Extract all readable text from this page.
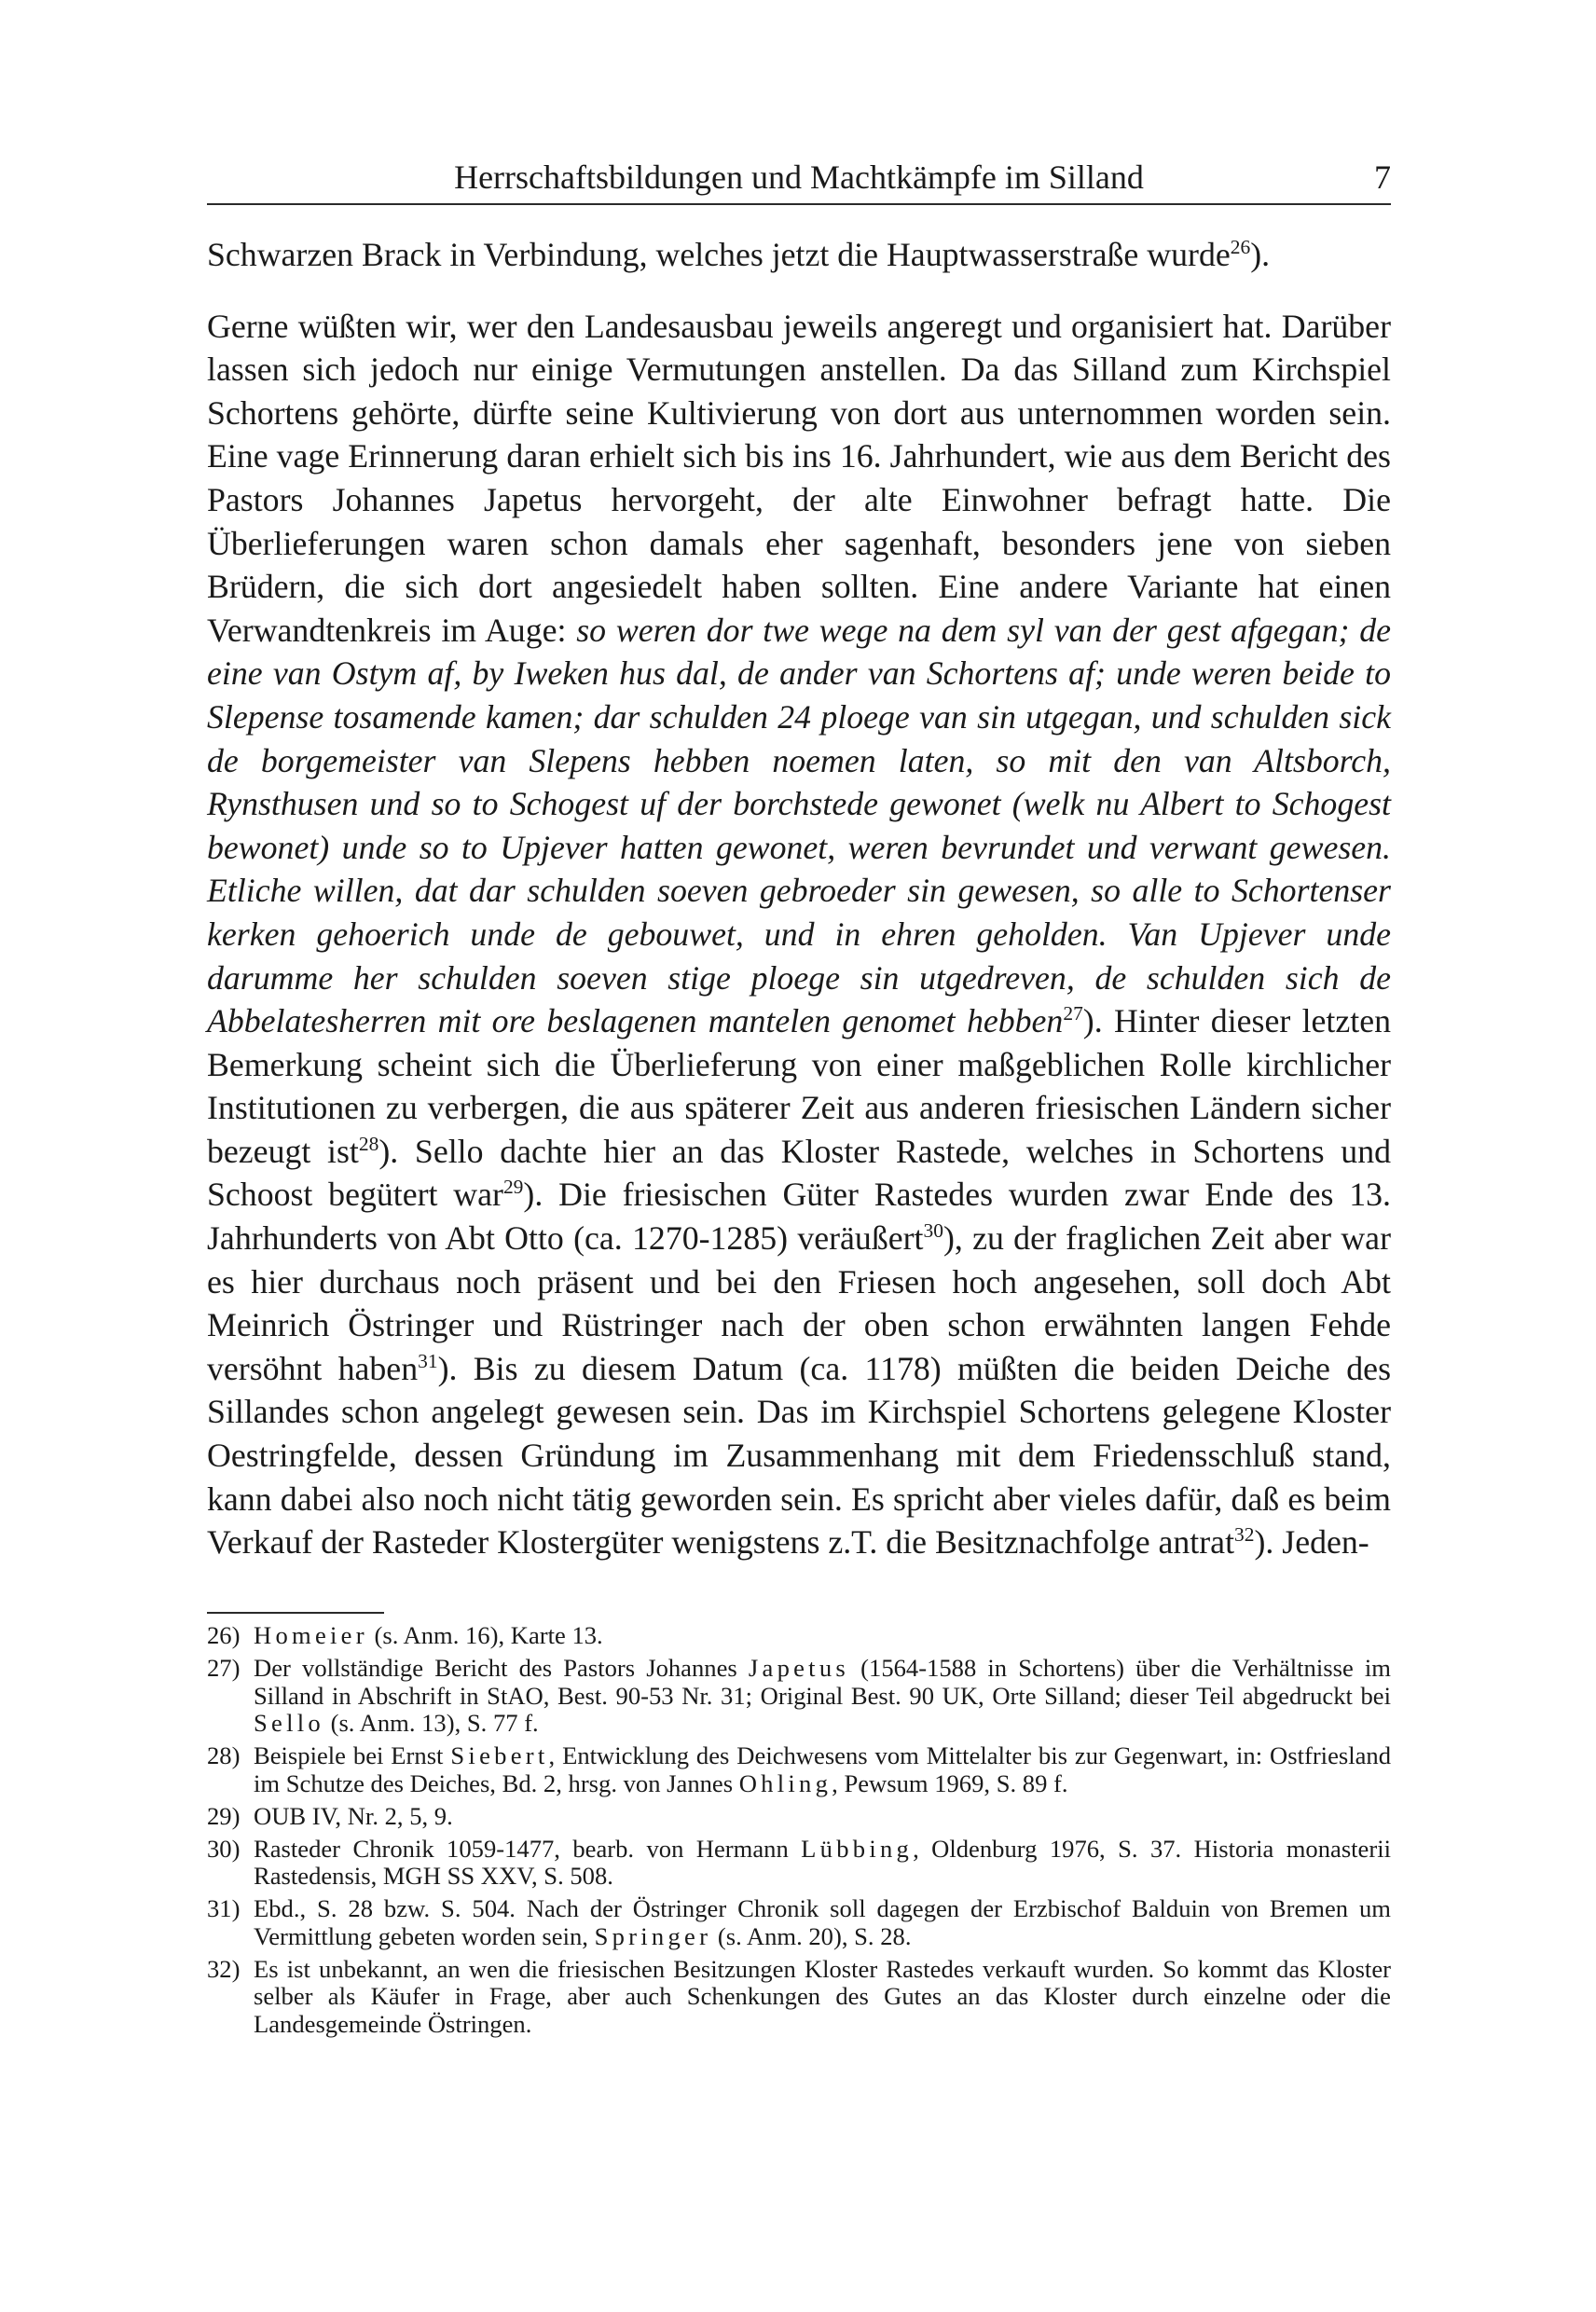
Herrschaftsbildungen und Machtkämpfe im Silland	7

Schwarzen Brack in Verbindung, welches jetzt die Hauptwasserstraße wurde$^{26}$).

Gerne wüßten wir, wer den Landesausbau jeweils angeregt und organisiert hat. Darüber lassen sich jedoch nur einige Vermutungen anstellen. Da das Silland zum Kirchspiel Schortens gehörte, dürfte seine Kultivierung von dort aus unternommen worden sein. Eine vage Erinnerung daran erhielt sich bis ins 16. Jahrhundert, wie aus dem Bericht des Pastors Johannes Japetus hervorgeht, der alte Einwohner befragt hatte. Die Überlieferungen waren schon damals eher sagenhaft, besonders jene von sieben Brüdern, die sich dort angesiedelt haben sollten. Eine andere Variante hat einen Verwandtenkreis im Auge: so weren dor twe wege na dem syl van der gest afgegan; de eine van Ostym af, by Iweken hus dal, de ander van Schortens af; unde weren beide to Slepense tosamende kamen; dar schulden 24 ploege van sin utgegan, und schulden sick de borgemeister van Slepens hebben noemen laten, so mit den van Altsborch, Rynsthusen und so to Schogest uf der borchstede gewonet (welk nu Albert to Schogest bewonet) unde so to Upjever hatten gewonet, weren bevrundet und verwant gewesen. Etliche willen, dat dar schulden soeven gebroeder sin gewesen, so alle to Schortenser kerken gehoerich unde de gebouwet, und in ehren geholden. Van Upjever unde darumme her schulden soeven stige ploege sin utgedreven, de schulden sich de Abbelatesherren mit ore beslagenen mantelen genomet hebben$^{27}$). Hinter dieser letzten Bemerkung scheint sich die Überlieferung von einer maßgeblichen Rolle kirchlicher Institutionen zu verbergen, die aus späterer Zeit aus anderen friesischen Ländern sicher bezeugt ist$^{28}$). Sello dachte hier an das Kloster Rastede, welches in Schortens und Schoost begütert war$^{29}$). Die friesischen Güter Rastedes wurden zwar Ende des 13. Jahrhunderts von Abt Otto (ca. 1270-1285) veräußert$^{30}$), zu der fraglichen Zeit aber war es hier durchaus noch präsent und bei den Friesen hoch angesehen, soll doch Abt Meinrich Östringer und Rüstringer nach der oben schon erwähnten langen Fehde versöhnt haben$^{31}$). Bis zu diesem Datum (ca. 1178) müßten die beiden Deiche des Sillandes schon angelegt gewesen sein. Das im Kirchspiel Schortens gelegene Kloster Oestringfelde, dessen Gründung im Zusammenhang mit dem Friedensschluß stand, kann dabei also noch nicht tätig geworden sein. Es spricht aber vieles dafür, daß es beim Verkauf der Rasteder Klostergüter wenigstens z.T. die Besitznachfolge antrat$^{32}$). Jeden-

26) Homeier (s. Anm. 16), Karte 13.
27) Der vollständige Bericht des Pastors Johannes Japetus (1564-1588 in Schortens) über die Verhältnisse im Silland in Abschrift in StAO, Best. 90-53 Nr. 31; Original Best. 90 UK, Orte Silland; dieser Teil abgedruckt bei Sello (s. Anm. 13), S. 77 f.
28) Beispiele bei Ernst Siebert, Entwicklung des Deichwesens vom Mittelalter bis zur Gegenwart, in: Ostfriesland im Schutze des Deiches, Bd. 2, hrsg. von Jannes Ohling, Pewsum 1969, S. 89 f.
29) OUB IV, Nr. 2, 5, 9.
30) Rasteder Chronik 1059-1477, bearb. von Hermann Lübbing, Oldenburg 1976, S. 37. Historia monasterii Rastedensis, MGH SS XXV, S. 508.
31) Ebd., S. 28 bzw. S. 504. Nach der Östringer Chronik soll dagegen der Erzbischof Balduin von Bremen um Vermittlung gebeten worden sein, Springer (s. Anm. 20), S. 28.
32) Es ist unbekannt, an wen die friesischen Besitzungen Kloster Rastedes verkauft wurden. So kommt das Kloster selber als Käufer in Frage, aber auch Schenkungen des Gutes an das Kloster durch einzelne oder die Landesgemeinde Östringen.
